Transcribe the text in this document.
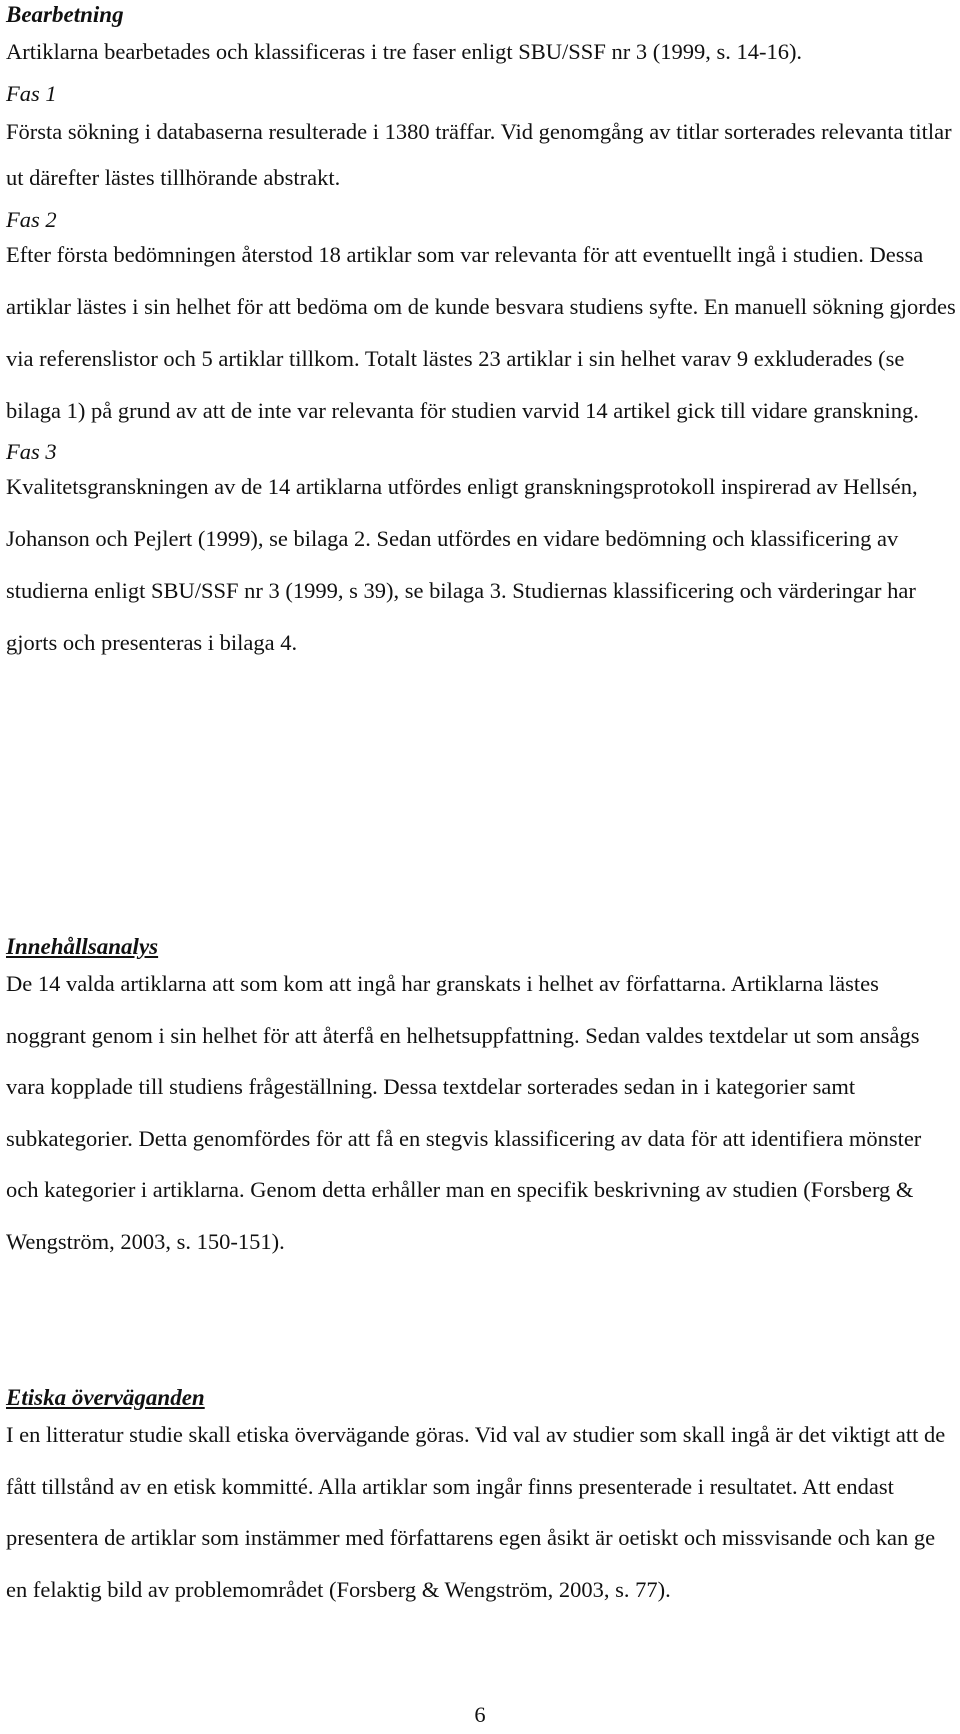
Bearbetning

Artiklarna bearbetades och klassificeras i tre faser enligt SBU/SSF nr 3 (1999, s. 14-16).

Fas 1

Första sökning i databaserna resulterade i 1380 träffar. Vid genomgång av titlar sorterades relevanta titlar ut därefter lästes tillhörande abstrakt.

Fas 2

Efter första bedömningen återstod 18 artiklar som var relevanta för att eventuellt ingå i studien. Dessa artiklar lästes i sin helhet för att bedöma om de kunde besvara studiens syfte. En manuell sökning gjordes via referenslistor och 5 artiklar tillkom. Totalt lästes 23 artiklar i sin helhet varav 9 exkluderades (se bilaga 1) på grund av att de inte var relevanta för studien varvid 14 artikel gick till vidare granskning.

Fas 3

Kvalitetsgranskningen av de 14 artiklarna utfördes enligt granskningsprotokoll inspirerad av Hellsén, Johanson och Pejlert (1999), se bilaga 2. Sedan utfördes en vidare bedömning och klassificering av studierna enligt SBU/SSF nr 3 (1999, s 39), se bilaga 3. Studiernas klassificering och värderingar har gjorts och presenteras i bilaga 4.

Innehållsanalys

De 14 valda artiklarna att som kom att ingå har granskats i helhet av författarna. Artiklarna lästes noggrant genom i sin helhet för att återfå en helhetsuppfattning. Sedan valdes textdelar ut som ansågs vara kopplade till studiens frågeställning. Dessa textdelar sorterades sedan in i kategorier samt subkategorier. Detta genomfördes för att få en stegvis klassificering av data för att identifiera mönster och kategorier i artiklarna. Genom detta erhåller man en specifik beskrivning av studien (Forsberg & Wengström, 2003, s. 150-151).

Etiska överväganden

I en litteratur studie skall etiska övervägande göras. Vid val av studier som skall ingå är det viktigt att de fått tillstånd av en etisk kommitté. Alla artiklar som ingår finns presenterade i resultatet. Att endast presentera de artiklar som instämmer med författarens egen åsikt är oetiskt och missvisande och kan ge en felaktig bild av problemområdet (Forsberg & Wengström, 2003, s. 77).

6
